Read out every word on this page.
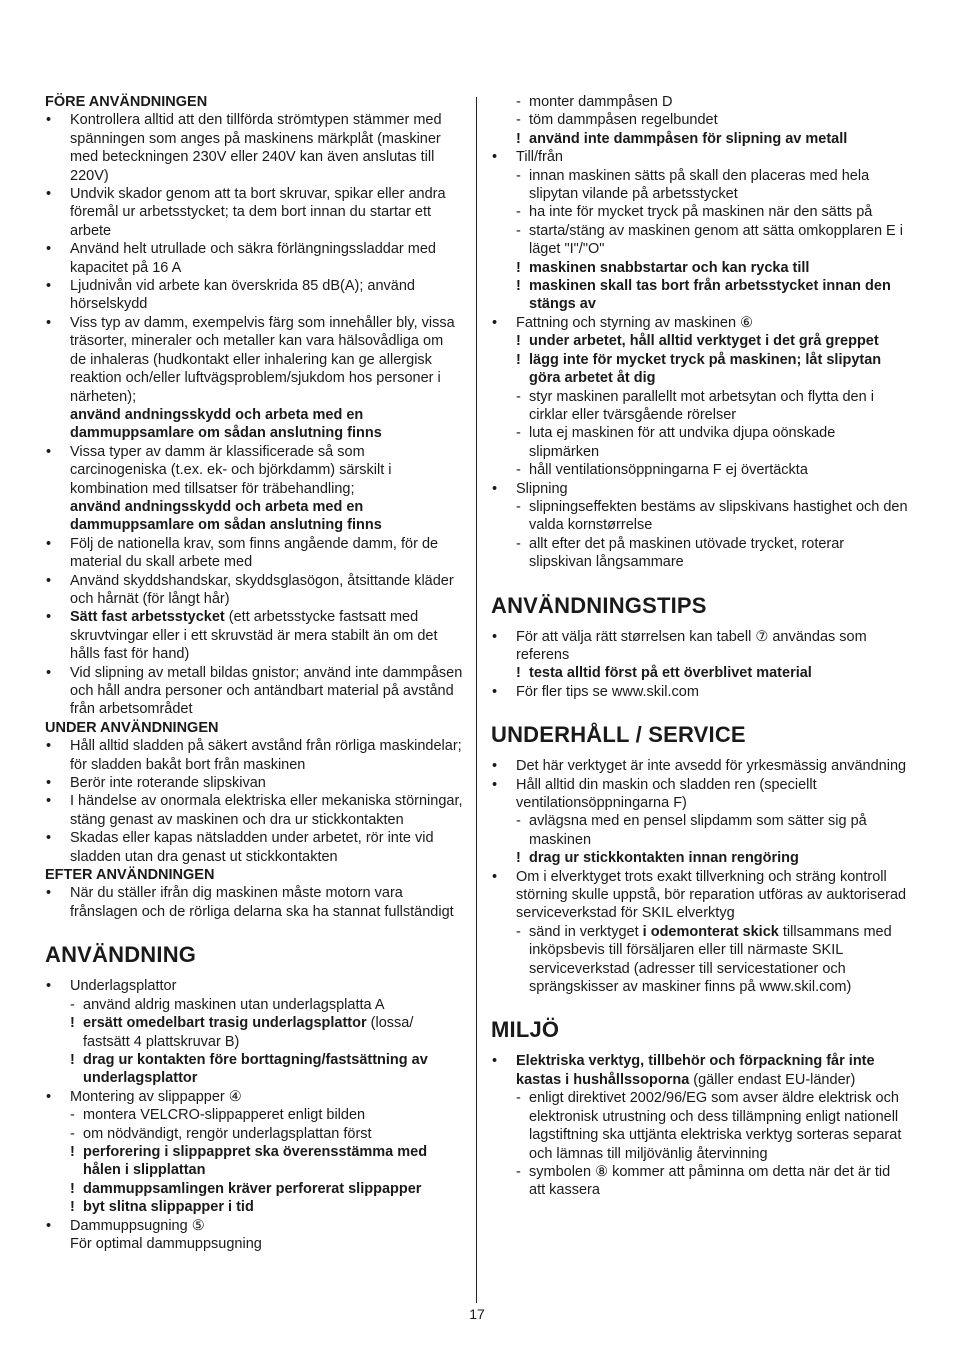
FÖRE ANVÄNDNINGEN
• Kontrollera alltid att den tillförda strömtypen stämmer med spänningen som anges på maskinens märkplåt (maskiner med beteckningen 230V eller 240V kan även anslutas till 220V)
• Undvik skador genom att ta bort skruvar, spikar eller andra föremål ur arbetsstycket; ta dem bort innan du startar ett arbete
• Använd helt utrullade och säkra förlängningssladdar med kapacitet på 16 A
• Ljudnivån vid arbete kan överskrida 85 dB(A); använd hörselskydd
• Viss typ av damm, exempelvis färg som innehåller bly, vissa träsorter, mineraler och metaller kan vara hälsovådliga om de inhaleras (hudkontakt eller inhalering kan ge allergisk reaktion och/eller luftvägsproblem/sjukdom hos personer i närheten);
använd andningsskydd och arbeta med en dammuppsamlare om sådan anslutning finns
• Vissa typer av damm är klassificerade så som carcinogeniska (t.ex. ek- och björkdamm) särskilt i kombination med tillsatser för träbehandling;
använd andningsskydd och arbeta med en dammuppsamlare om sådan anslutning finns
• Följ de nationella krav, som finns angående damm, för de material du skall arbete med
• Använd skyddshandskar, skyddsglasögon, åtsittande kläder och hårnät (för långt hår)
• Sätt fast arbetsstycket (ett arbetsstycke fastsatt med skruvtvingar eller i ett skruvstäd är mera stabilt än om det hålls fast för hand)
• Vid slipning av metall bildas gnistor; använd inte dammpåsen och håll andra personer och antändbart material på avstånd från arbetsområdet
UNDER ANVÄNDNINGEN
• Håll alltid sladden på säkert avstånd från rörliga maskindelar; för sladden bakåt bort från maskinen
• Berör inte roterande slipskivan
• I händelse av onormala elektriska eller mekaniska störningar, stäng genast av maskinen och dra ur stickkontakten
• Skadas eller kapas nätsladden under arbetet, rör inte vid sladden utan dra genast ut stickkontakten
EFTER ANVÄNDNINGEN
• När du ställer ifrån dig maskinen måste motorn vara frånslagen och de rörliga delarna ska ha stannat fullständigt
ANVÄNDNING
• Underlagsplattor
- använd aldrig maskinen utan underlagsplatta A
! ersätt omedelbart trasig underlagsplattor (lossa/ fastsätt 4 plattskruvar B)
! drag ur kontakten före borttagning/fastsättning av underlagsplattor
• Montering av slippapper ④
- montera VELCRO-slippapperet enligt bilden
- om nödvändigt, rengör underlagsplattan först
! perforering i slippappret ska överensstämma med hålen i slipplattan
! dammuppsamlingen kräver perforerat slippapper
! byt slitna slippapper i tid
• Dammuppsugning ⑤
För optimal dammuppsugning
- monter dammpåsen D
- töm dammpåsen regelbundet
! använd inte dammpåsen för slipning av metall
• Till/från
- innan maskinen sätts på skall den placeras med hela slipytan vilande på arbetsstycket
- ha inte för mycket tryck på maskinen när den sätts på
- starta/stäng av maskinen genom att sätta omkopplaren E i läget "I"/"O"
! maskinen snabbstartar och kan rycka till
! maskinen skall tas bort från arbetsstycket innan den stängs av
• Fattning och styrning av maskinen ⑥
! under arbetet, håll alltid verktyget i det grå greppet
! lägg inte för mycket tryck på maskinen; låt slipytan göra arbetet åt dig
- styr maskinen parallellt mot arbetsytan och flytta den i cirklar eller tvärsgående rörelser
- luta ej maskinen för att undvika djupa oönskade slipmärken
- håll ventilationsöppningarna F ej övertäckta
• Slipning
- slipningseffekten bestäms av slipskivans hastighet och den valda kornstørrelse
- allt efter det på maskinen utövade trycket, roterar slipskivan långsammare
ANVÄNDNINGSTIPS
• För att välja rätt størrelsen kan tabell ⑦ användas som referens
! testa alltid först på ett överblivet material
• För fler tips se www.skil.com
UNDERHÅLL / SERVICE
• Det här verktyget är inte avsedd för yrkesmässig användning
• Håll alltid din maskin och sladden ren (speciellt ventilationsöppningarna F)
- avlägsna med en pensel slipdamm som sätter sig på maskinen
! drag ur stickkontakten innan rengöring
• Om i elverktyget trots exakt tillverkning och sträng kontroll störning skulle uppstå, bör reparation utföras av auktoriserad serviceverkstad för SKIL elverktyg
- sänd in verktyget i odemonterat skick tillsammans med inköpsbevis till försäljaren eller till närmaste SKIL serviceverkstad (adresser till servicestationer och sprängskisser av maskiner finns på www.skil.com)
MILJÖ
• Elektriska verktyg, tillbehör och förpackning får inte kastas i hushållssoporna (gäller endast EU-länder)
- enligt direktivet 2002/96/EG som avser äldre elektrisk och elektronisk utrustning och dess tillämpning enligt nationell lagstiftning ska uttjänta elektriska verktyg sorteras separat och lämnas till miljövänlig återvinning
- symbolen ⑧ kommer att påminna om detta när det är tid att kassera
17
